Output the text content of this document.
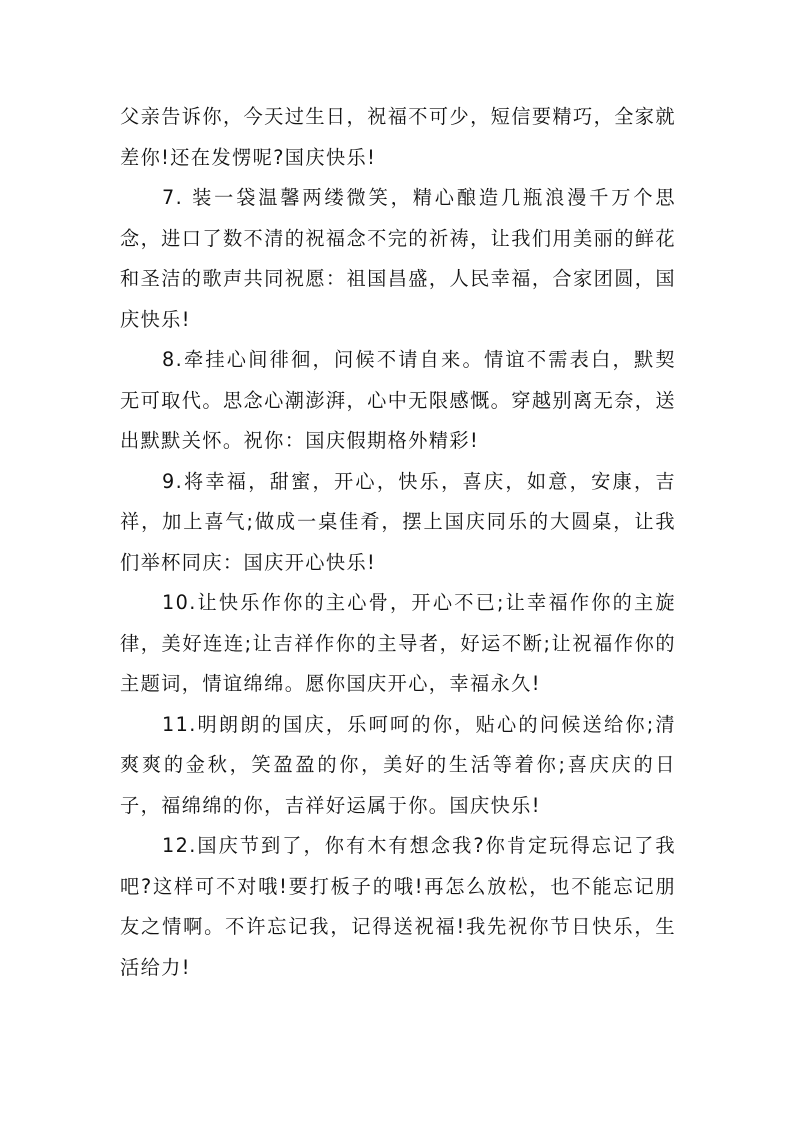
父亲告诉你，今天过生日，祝福不可少，短信要精巧，全家就差你!还在发愣呢?国庆快乐!

7. 装一袋温馨两缕微笑，精心酿造几瓶浪漫千万个思念，进口了数不清的祝福念不完的祈祷，让我们用美丽的鲜花和圣洁的歌声共同祝愿：祖国昌盛，人民幸福，合家团圆，国庆快乐!

8.牵挂心间徘徊，问候不请自来。情谊不需表白，默契无可取代。思念心潮澎湃，心中无限感慨。穿越别离无奈，送出默默关怀。祝你：国庆假期格外精彩!

9.将幸福，甜蜜，开心，快乐，喜庆，如意，安康，吉祥，加上喜气;做成一桌佳肴，摆上国庆同乐的大圆桌，让我们举杯同庆：国庆开心快乐!

10.让快乐作你的主心骨，开心不已;让幸福作你的主旋律，美好连连;让吉祥作你的主导者，好运不断;让祝福作你的主题词，情谊绵绵。愿你国庆开心，幸福永久!

11.明朗朗的国庆，乐呵呵的你，贴心的问候送给你;清爽爽的金秋，笑盈盈的你，美好的生活等着你;喜庆庆的日子，福绵绵的你，吉祥好运属于你。国庆快乐!

12.国庆节到了，你有木有想念我?你肯定玩得忘记了我吧?这样可不对哦!要打板子的哦!再怎么放松，也不能忘记朋友之情啊。不许忘记我，记得送祝福!我先祝你节日快乐，生活给力!
